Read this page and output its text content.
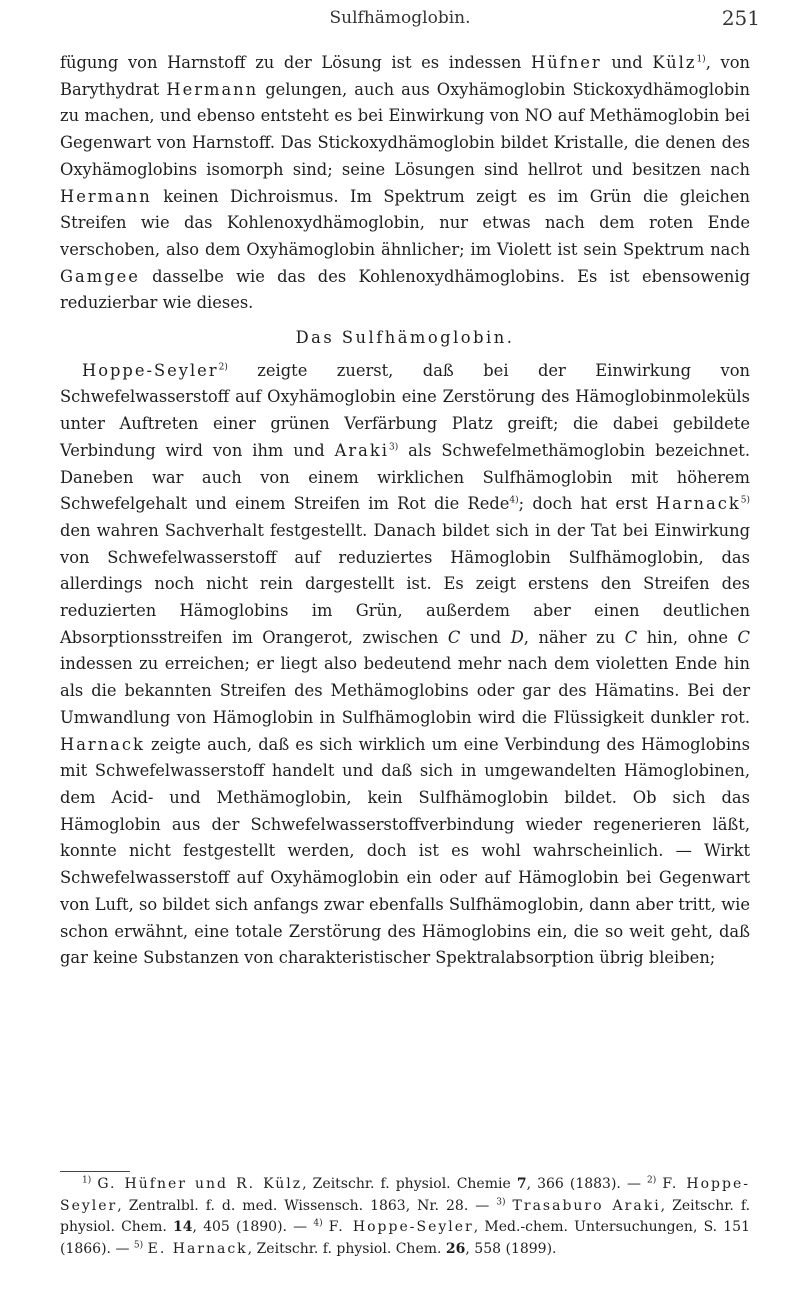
Sulfhämoglobin.	251

fügung von Harnstoff zu der Lösung ist es indessen Hüfner und Külz$^{1)}$, von Barythydrat Hermann gelungen, auch aus Oxyhämoglobin Stickoxydhämoglobin zu machen, und ebenso entsteht es bei Einwirkung von NO auf Methämoglobin bei Gegenwart von Harnstoff. Das Stickoxydhämoglobin bildet Kristalle, die denen des Oxyhämoglobins isomorph sind; seine Lösungen sind hellrot und besitzen nach Hermann keinen Dichroismus. Im Spektrum zeigt es im Grün die gleichen Streifen wie das Kohlenoxydhämoglobin, nur etwas nach dem roten Ende verschoben, also dem Oxyhämoglobin ähnlicher; im Violett ist sein Spektrum nach Gamgee dasselbe wie das des Kohlenoxydhämoglobins. Es ist ebensowenig reduzierbar wie dieses.

Das Sulfhämoglobin.

Hoppe-Seyler$^{2)}$ zeigte zuerst, daß bei der Einwirkung von Schwefelwasserstoff auf Oxyhämoglobin eine Zerstörung des Hämoglobinmoleküls unter Auftreten einer grünen Verfärbung Platz greift; die dabei gebildete Verbindung wird von ihm und Araki$^{3)}$ als Schwefelmethämoglobin bezeichnet. Daneben war auch von einem wirklichen Sulfhämoglobin mit höherem Schwefelgehalt und einem Streifen im Rot die Rede$^{4)}$; doch hat erst Harnack$^{5)}$ den wahren Sachverhalt festgestellt. Danach bildet sich in der Tat bei Einwirkung von Schwefelwasserstoff auf reduziertes Hämoglobin Sulfhämoglobin, das allerdings noch nicht rein dargestellt ist. Es zeigt erstens den Streifen des reduzierten Hämoglobins im Grün, außerdem aber einen deutlichen Absorptionsstreifen im Orangerot, zwischen C und D, näher zu C hin, ohne C indessen zu erreichen; er liegt also bedeutend mehr nach dem violetten Ende hin als die bekannten Streifen des Methämoglobins oder gar des Hämatins. Bei der Umwandlung von Hämoglobin in Sulfhämoglobin wird die Flüssigkeit dunkler rot. Harnack zeigte auch, daß es sich wirklich um eine Verbindung des Hämoglobins mit Schwefelwasserstoff handelt und daß sich in umgewandelten Hämoglobinen, dem Acid- und Methämoglobin, kein Sulfhämoglobin bildet. Ob sich das Hämoglobin aus der Schwefelwasserstoffverbindung wieder regenerieren läßt, konnte nicht festgestellt werden, doch ist es wohl wahrscheinlich. — Wirkt Schwefelwasserstoff auf Oxyhämoglobin ein oder auf Hämoglobin bei Gegenwart von Luft, so bildet sich anfangs zwar ebenfalls Sulfhämoglobin, dann aber tritt, wie schon erwähnt, eine totale Zerstörung des Hämoglobins ein, die so weit geht, daß gar keine Substanzen von charakteristischer Spektralabsorption übrig bleiben;

$^{1)}$ G. Hüfner und R. Külz, Zeitschr. f. physiol. Chemie 7, 366 (1883). — $^{2)}$ F. Hoppe-Seyler, Zentralbl. f. d. med. Wissensch. 1863, Nr. 28. — $^{3)}$ Trasaburo Araki, Zeitschr. f. physiol. Chem. 14, 405 (1890). — $^{4)}$ F. Hoppe-Seyler, Med.-chem. Untersuchungen, S. 151 (1866). — $^{5)}$ E. Harnack, Zeitschr. f. physiol. Chem. 26, 558 (1899).
